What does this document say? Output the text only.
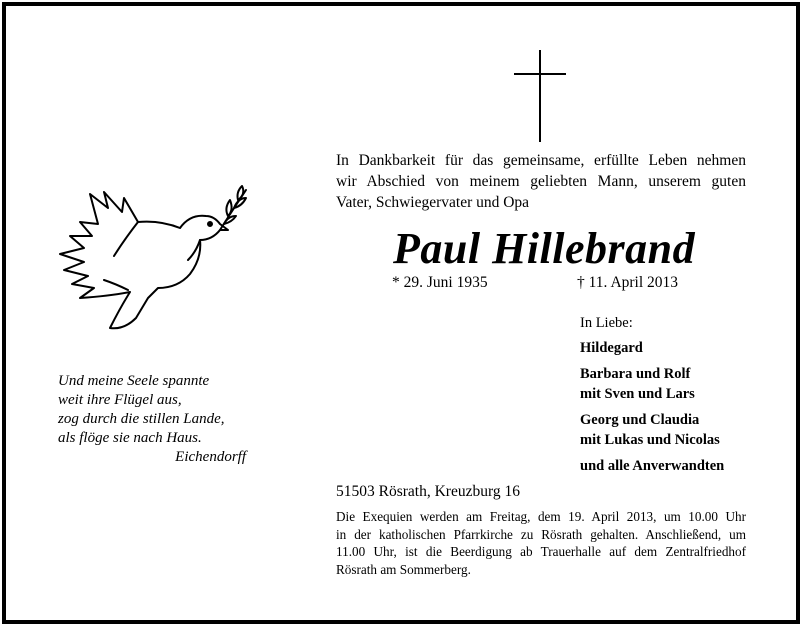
In Dankbarkeit für das gemeinsame, erfüllte Leben nehmen
wir Abschied von meinem geliebten Mann, unserem guten
Vater, Schwiegervater und Opa
Paul Hillebrand
* 29. Juni 1935	† 11. April 2013
In Liebe:
Hildegard
Barbara und Rolf
mit Sven und Lars
Georg und Claudia
mit Lukas und Nicolas
und alle Anverwandten
Und meine Seele spannte
weit ihre Flügel aus,
zog durch die stillen Lande,
als flöge sie nach Haus.
Eichendorff
51503 Rösrath, Kreuzburg 16
Die Exequien werden am Freitag, dem 19. April 2013, um 10.00 Uhr
in der katholischen Pfarrkirche zu Rösrath gehalten. Anschließend, um
11.00 Uhr, ist die Beerdigung ab Trauerhalle auf dem Zentralfriedhof
Rösrath am Sommerberg.
